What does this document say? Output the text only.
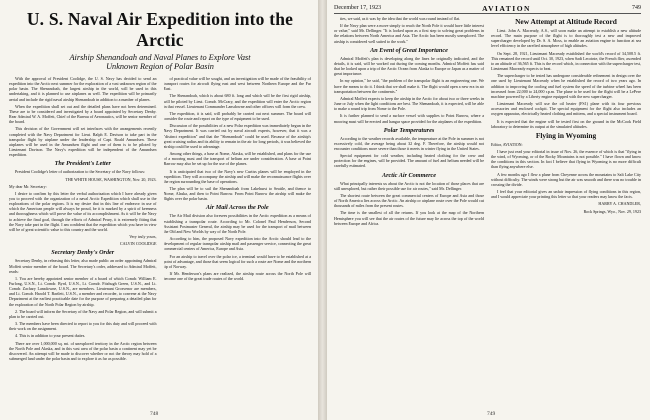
U. S. Naval Air Expedition into the Arctic
Airship Shenandoah and Naval Planes to Explore Vast
Unknown Region of Polar Basin

With the approval of President Coolidge, the U. S. Navy has decided to send an expedition into the Arctic next summer for the exploration of a vast unknown region of the polar basin. The Shenandoah, the largest airship in the world, will be used in this undertaking, and it is planned to use airplanes as well. The expedition will be primarily aerial and include the rigid naval airship Shenandoah in addition to a number of planes.

When the expedition shall set out and the detailed plans have not been determined. These are to be considered and investigated by a board appointed by Secretary Denby. Rear Admiral W. A. Moffett, Chief of the Bureau of Aeronautics, will be senior member of the board.

This decision of the Government will set interfaces with the arrangements recently completed with the Navy Department for Lieut. Ralph E. Davison to take part in the transpolar flight by airplane under the leadership of Capt. Roald Amundsen. These airplanes will be used in the Amundsen flight and one of them is to be piloted by Lieutenant Davison. The Navy's expedition will be independent of the Amundsen expedition.

The President's Letter

President Coolidge's letter of authorization to the Secretary of the Navy follows:

THE WHITE HOUSE, WASHINGTON, Nov. 20, 1923.

My dear Mr. Secretary:

I desire to confirm by this letter the verbal authorization which I have already given you to proceed with the organization of a naval Arctic Expedition which shall use in the explorations of the polar regions. It is my desire that in this line of endeavor in use of which the American people will always be proud, be it is marked by a spirit of keenness and thoroughness which will prove the value of its accomplishment. As it will be the Navy to achieve the final goal, through the efforts of Admiral Peary, it is extremely fitting that the Navy take part in the flight. I am confident that the expedition which you have in view will be of great scientific value to this country and the world.

Very truly yours,

CALVIN COOLIDGE

Secretary Denby's Order

Secretary Denby, in releasing this letter, also made public an order appointing Admiral Moffett senior member of the board. The Secretary's order, addressed to Admiral Moffett, reads:

1. You are hereby appointed senior member of a board of which Comdr. William E. Furlong, U.S.N., Lt. Comdr. Byrd, U.S.N., Lt. Comdr. Fitzhugh Green, U.S.N., and Lt. Comdr. Zachary Lansdowne, U.S.N., are members. Lieutenant Grosvenor are members, and Lt. Comdr. Harold T. Bartlett, U.S.N., a member and recorder, to convene at the Navy Department at the earliest practicable date for the purpose of preparing a detailed plan for the exploration of the North Polar Region by airship.

2. The board will inform the Secretary of the Navy and Polar Region, and will submit a plan to be carried out.

3. The members have been directed to report to you for this duty and will proceed with their work on the assignment.

4. This is in addition to your present duties.

There are over 1,000,000 sq. mi. of unexplored territory in the Arctic region between the North Pole and Alaska, and in this vast area of the polar basin a continent may yet be discovered. An attempt will be made to discover whether or not the theory may hold of a submerged land under the polar basin and to explore it as far as possible.

of practical value will be sought, and an investigation will be made of the feasibility of transport routes for aircraft flying east and west between Northern Europe and the Far East.

The Shenandoah, which is about 680 ft. long and which will be the first rigid airship, will be piloted by Lieut. Comdr. McCrary, and the expedition will enter the Arctic region in that vessel. Lieutenant Commander Lansdowne and other officers will form the crew.

The expedition, it is said, will probably be carried out next summer. The board will consider the route and report on the type of equipment to be used.

Discussion of the possibilities of a new Polar expedition was immediately begun in the Navy Department. It was carried out by naval aircraft experts, however, that it was a "distinct expedition" and that the "Shenandoah" could be used. Because of the airship's great cruising radius and its ability to remain in the air for long periods, it was believed the airship could be used to advantage.

Among other things, a base at Nome, Alaska, will be established, and plans for the use of a mooring mast and the transport of helium are under consideration. A base at Point Barrow may also be set up for the use of the planes.

It is anticipated that two of the Navy's new Curtiss planes will be employed in the expedition. They will accompany the airship and will make the reconnaissance flights over the region surrounding the base of operations.

The plan will be to sail the Shenandoah from Lakehurst to Seattle, and thence to Nome, Alaska, and then to Point Barrow. From Point Barrow the airship will make the flights over the polar basin.

Air Mail Across the Pole

The Air Mail division also foresees possibilities in the Arctic expedition as a means of establishing a transpolar route. According to Mr. Colonel Paul Henderson, Second Assistant Postmaster General, the airship may be used for the transport of mail between the Old and New Worlds by way of the North Pole.

According to him, the proposed Navy expedition into the Arctic should lead to the development of regular transpolar airship mail and passenger service, connecting the great commercial centers of America, Europe and Asia.

For an airship to travel over the polar ice, a terminal would have to be established at a point of advantage, and those that seem logical for such a route are Nome and the northern tip of Norway.

If Mr. Henderson's plans are realized, the airship route across the North Pole will become one of the great trade routes of the world.

748
December 17, 1923	AVIATION	749

ties, we said, as it was by the idea that the world was round instead of flat.

If the Navy plan were a move simply to reach the North Pole it would have little interest or value," said Mr. Dellinger. "It is looked upon as a first step to solving great problems in the relations between North America and Asia. The Arctic has been mostly unexplored. The airship is considered well suited to the work."

An Event of Great Importance

Admiral Moffett's plan is developing along the lines he originally indicated, and the details, it is said, will be worked out during the coming months. Admiral Moffett has said that he looked upon a trip of the Arctic Ocean from Alaska to Europe or Japan as a matter of great importance.

In my opinion," he said, "the problem of the transpolar flight is an engineering one. We have the means to do it. I think that we shall make it. The flight would open a new era in air transportation between the continents."

Admiral Moffett expects to keep the airship in the Arctic for about two or three weeks in June or July when the light conditions are best. The Shenandoah, it is expected, will be able to make a round trip from Nome to the Pole.

It is further planned to send a surface vessel with supplies to Point Barrow, where a mooring mast will be erected and hangar space provided for the airplanes of the expedition.

Polar Temperatures

According to the weather records available, the temperature at the Pole in summer is not excessively cold, the average being about 32 deg. F. Therefore, the airship would not encounter conditions more severe than those it meets in winter flying in the United States.

Special equipment for cold weather, including heated clothing for the crew and protection for the engines, will be provided. The amount of fuel and helium needed will be carefully estimated.

Arctic Air Commerce

What principally interests us about the Arctic is not the location of those places that are still unexplored, but rather their possible use for air routes," said Mr. Dellinger.

The shortest route between the great commercial centers of Europe and Asia and those of North America lies across the Arctic. An airship or airplane route over the Pole would cut thousands of miles from the present routes.

The time is the smallest of all the returns. If you look at the map of the Northern Hemisphere you will see that the air routes of the future may lie across the top of the world between Europe and Africa.

New Attempt at Altitude Record

Lieut. John A. Macready, A.S., will soon make an attempt to establish a new altitude record. The main purpose of the flight is to thoroughly test a new and improved supercharger developed by Dr. S. A. Moss, to enable an aviation engine to function at sea level efficiency in the rarefied atmosphere of high altitudes.

On Sept. 28, 1921, Lieutenant Macready established the world's record of 34,508.5 ft. This remained the record until Oct. 30, 1923, when Sadi Lecointe, the French flier, ascended to an altitude of 36,565 ft. This is the record which, in connection with the supercharger test, Lieutenant Macready expects to beat.

The supercharger to be tested has undergone considerable refinement in design over the one used by Lieutenant Macready when he established the record of two years ago. In addition to improving the cooling and fuel system the speed of the turbine wheel has been increased from 22,000 to 24,000 r.p.m. The plane to be used for the flight will be a LePere machine powered by a Liberty engine equipped with the new supercharger.

Lieutenant Macready will use the oil heater (FS1) plane with its four previous accessories and enclosed cockpit. The special equipment for the flight also includes an oxygen apparatus, electrically heated clothing and mittens, and a special instrument board.

It is expected that the engine will be tested first on the ground in the McCook Field laboratory to determine its output at the simulated altitudes.

Flying in Wyoming

Editor, AVIATION:

I have just read your editorial in issue of Nov. 26, the essence of which is that "flying in the wind, of Wyoming, or of the Rocky Mountains is not possible." I have flown and know the conditions in this section. In fact I believe that flying in Wyoming is no more difficult than flying anywhere else.

A few months ago I flew a plane from Cheyenne across the mountains to Salt Lake City without difficulty. The winds were strong but the air was smooth and there was no trouble in crossing the divide.

I feel that your editorial gives an unfair impression of flying conditions in this region, and I would appreciate your printing this letter so that your readers may know the facts.

HARRY A. CHANDLER,

Rock Springs, Wyo., Nov. 29, 1923

749
